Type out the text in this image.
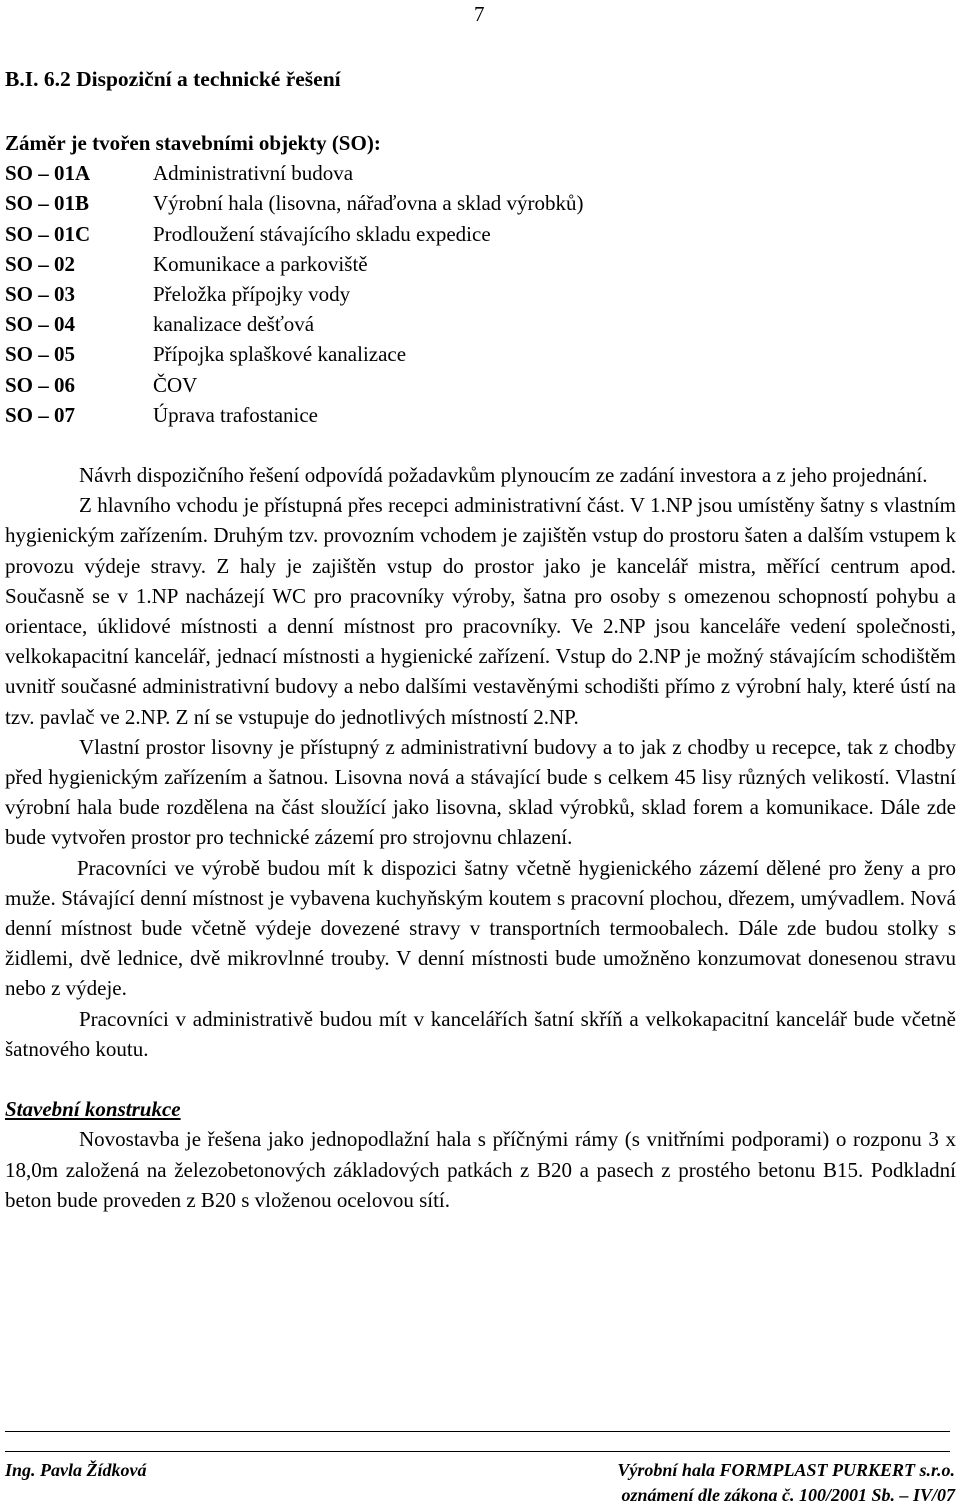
7
B.I. 6.2 Dispoziční a technické řešení
Záměr je tvořen stavebními objekty (SO):
SO – 01A	Administrativní budova
SO – 01B	Výrobní hala (lisovna, nářaďovna a sklad výrobků)
SO – 01C	Prodloužení stávajícího skladu expedice
SO – 02	Komunikace a parkoviště
SO – 03	Přeložka přípojky vody
SO – 04	kanalizace dešťová
SO – 05	Přípojka splaškové kanalizace
SO – 06	ČOV
SO – 07	Úprava trafostanice

Návrh dispozičního řešení odpovídá požadavkům plynoucím ze zadání investora a z jeho projednání.

Z hlavního vchodu je přístupná přes recepci administrativní část. V 1.NP jsou umístěny šatny s vlastním hygienickým zařízením. Druhým tzv. provozním vchodem je zajištěn vstup do prostoru šaten a dalším vstupem k provozu výdeje stravy. Z haly je zajištěn vstup do prostor jako je kancelář mistra, měřící centrum apod. Současně se v 1.NP nacházejí WC pro pracovníky výroby, šatna pro osoby s omezenou schopností pohybu a orientace, úklidové místnosti a denní místnost pro pracovníky. Ve 2.NP jsou kanceláře vedení společnosti, velkokapacitní kancelář, jednací místnosti a hygienické zařízení. Vstup do 2.NP je možný stávajícím schodištěm uvnitř současné administrativní budovy a nebo dalšími vestavěnými schodišti přímo z výrobní haly, které ústí na tzv. pavlač ve 2.NP. Z ní se vstupuje do jednotlivých místností 2.NP.

Vlastní prostor lisovny je přístupný z administrativní budovy a to jak z chodby u recepce, tak z chodby před hygienickým zařízením a šatnou. Lisovna nová a stávající bude s celkem 45 lisy různých velikostí. Vlastní výrobní hala bude rozdělena na část sloužící jako lisovna, sklad výrobků, sklad forem a komunikace. Dále zde bude vytvořen prostor pro technické zázemí pro strojovnu chlazení.

Pracovníci ve výrobě budou mít k dispozici šatny včetně hygienického zázemí dělené pro ženy a pro muže. Stávající denní místnost je vybavena kuchyňským koutem s pracovní plochou, dřezem, umývadlem. Nová denní místnost bude včetně výdeje dovezené stravy v transportních termoobalech. Dále zde budou stolky s židlemi, dvě lednice, dvě mikrovlnné trouby. V denní místnosti bude umožněno konzumovat donesenou stravu nebo z výdeje.

Pracovníci v administrativě budou mít v kancelářích šatní skříň a velkokapacitní kancelář bude včetně šatnového koutu.

Stavební konstrukce

Novostavba je řešena jako jednopodlažní hala s příčnými rámy (s vnitřními podporami) o rozponu 3 x 18,0m založená na železobetonových základových patkách z B20 a pasech z prostého betonu B15. Podkladní beton bude proveden z B20 s vloženou ocelovou sítí.

Ing. Pavla Žídková	Výrobní hala FORMPLAST PURKERT s.r.o.
oznámení dle zákona č. 100/2001 Sb. – IV/07
